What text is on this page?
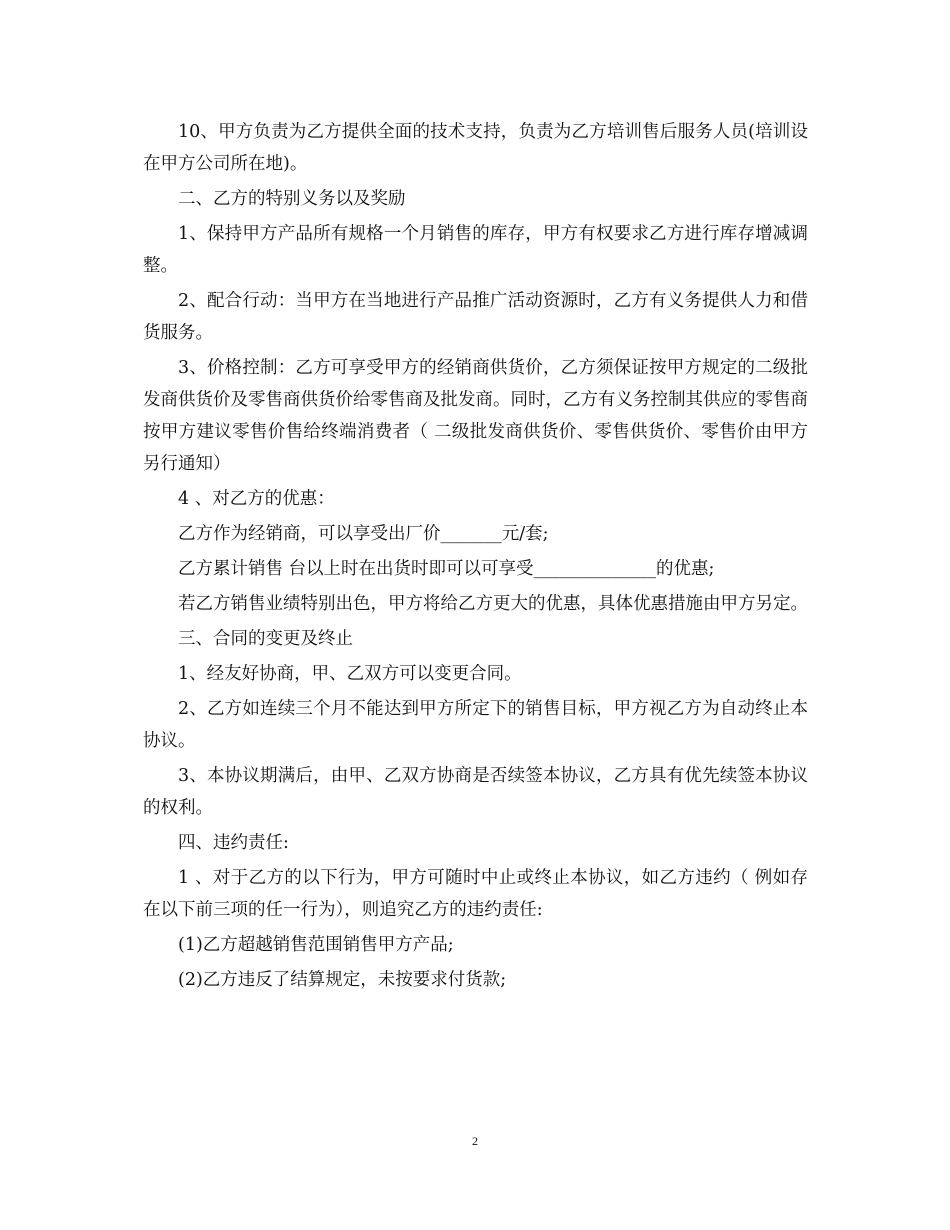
10、甲方负责为乙方提供全面的技术支持，负责为乙方培训售后服务人员(培训设在甲方公司所在地)。

二、乙方的特别义务以及奖励

1、保持甲方产品所有规格一个月销售的库存，甲方有权要求乙方进行库存增减调整。

2、配合行动：当甲方在当地进行产品推广活动资源时，乙方有义务提供人力和借货服务。

3、价格控制：乙方可享受甲方的经销商供货价，乙方须保证按甲方规定的二级批发商供货价及零售商供货价给零售商及批发商。同时，乙方有义务控制其供应的零售商按甲方建议零售价售给终端消费者（ 二级批发商供货价、零售供货价、零售价由甲方另行通知）

4 、对乙方的优惠：

乙方作为经销商，可以享受出厂价_______元/套;

乙方累计销售 台以上时在出货时即可以可享受______________的优惠;

若乙方销售业绩特别出色，甲方将给乙方更大的优惠，具体优惠措施由甲方另定。

三、合同的变更及终止

1、经友好协商，甲、乙双方可以变更合同。

2、乙方如连续三个月不能达到甲方所定下的销售目标，甲方视乙方为自动终止本协议。

3、本协议期满后，由甲、乙双方协商是否续签本协议，乙方具有优先续签本协议的权利。

四、违约责任:

1 、对于乙方的以下行为，甲方可随时中止或终止本协议，如乙方违约（ 例如存在以下前三项的任一行为），则追究乙方的违约责任:

(1)乙方超越销售范围销售甲方产品;

(2)乙方违反了结算规定，未按要求付货款;

2
